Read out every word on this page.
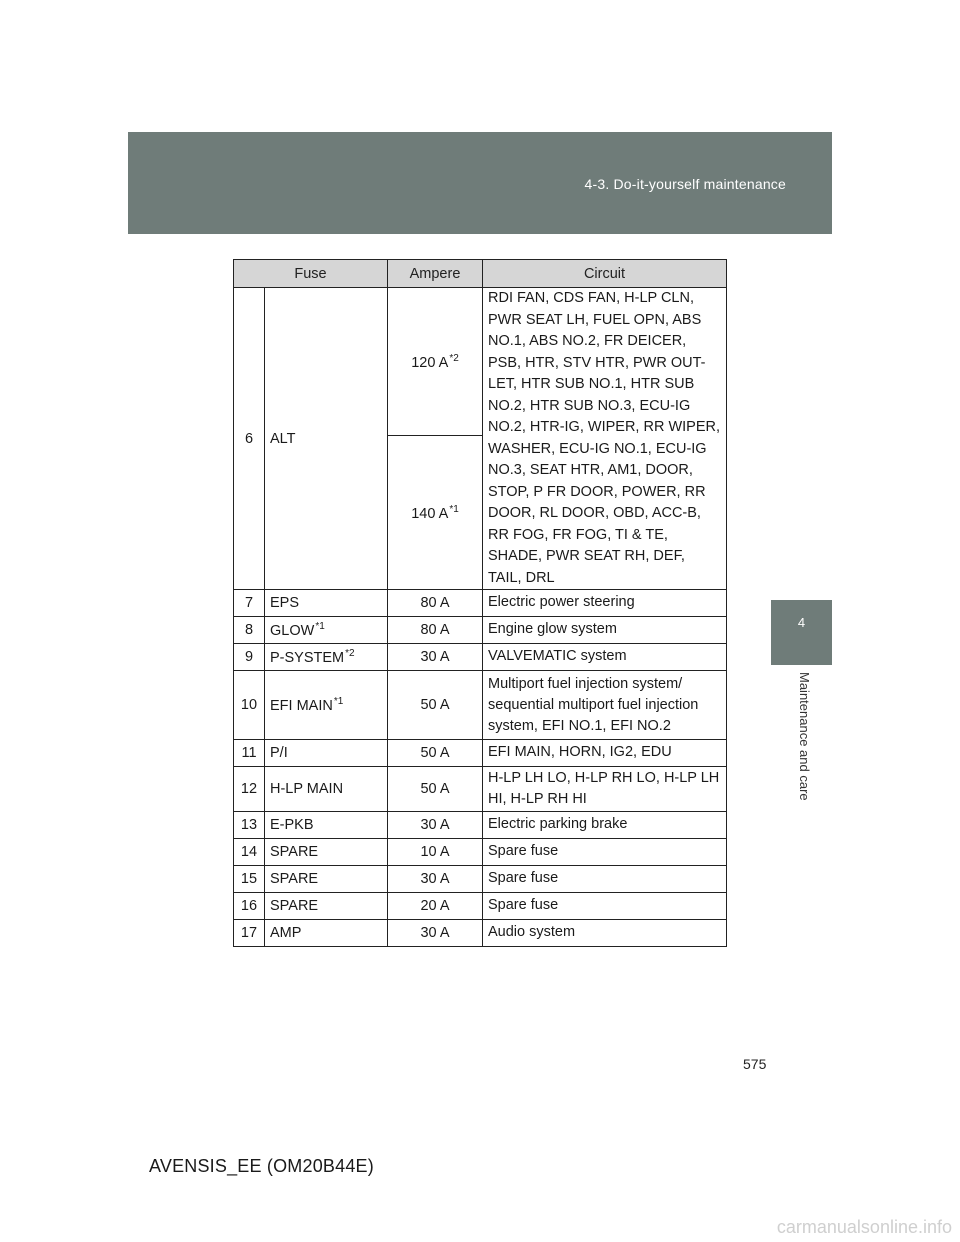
4-3. Do-it-yourself maintenance
4
Maintenance and care
Fuse		Ampere	Circuit
6	ALT	120 A$^{*2}$	RDI FAN, CDS FAN, H-LP CLN, PWR SEAT LH, FUEL OPN, ABS NO.1, ABS NO.2, FR DEICER, PSB, HTR, STV HTR, PWR OUT-LET, HTR SUB NO.1, HTR SUB NO.2, HTR SUB NO.3, ECU-IG NO.2, HTR-IG, WIPER, RR WIPER, WASHER, ECU-IG NO.1, ECU-IG NO.3, SEAT HTR, AM1, DOOR, STOP, P FR DOOR, POWER, RR DOOR, RL DOOR, OBD, ACC-B, RR FOG, FR FOG, TI & TE, SHADE, PWR SEAT RH, DEF, TAIL, DRL
		140 A$^{*1}$
7	EPS	80 A	Electric power steering
8	GLOW$^{*1}$	80 A	Engine glow system
9	P-SYSTEM$^{*2}$	30 A	VALVEMATIC system
10	EFI MAIN$^{*1}$	50 A	Multiport fuel injection system/ sequential multiport fuel injection system, EFI NO.1, EFI NO.2
11	P/I	50 A	EFI MAIN, HORN, IG2, EDU
12	H-LP MAIN	50 A	H-LP LH LO, H-LP RH LO, H-LP LH HI, H-LP RH HI
13	E-PKB	30 A	Electric parking brake
14	SPARE	10 A	Spare fuse
15	SPARE	30 A	Spare fuse
16	SPARE	20 A	Spare fuse
17	AMP	30 A	Audio system
575
AVENSIS_EE (OM20B44E)
carmanualsonline.info
